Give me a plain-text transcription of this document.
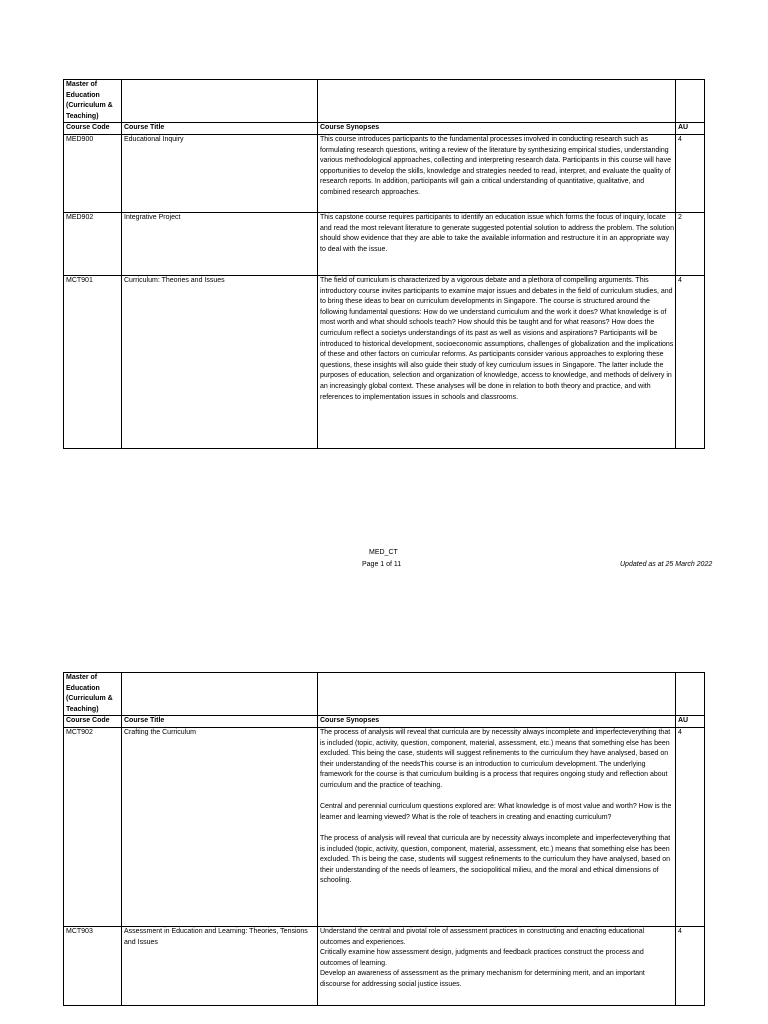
Master of Education (Curriculum & Teaching)			
Course Code	Course Title	Course Synopses	AU
MED900	Educational Inquiry	This course introduces participants to the fundamental processes involved in conducting research such as formulating research questions, writing a review of the literature by synthesizing empirical studies, understanding various methodological approaches, collecting and interpreting research data. Participants in this course will have opportunities to develop the skills, knowledge and strategies needed to read, interpret, and evaluate the quality of research reports. In addition, participants will gain a critical understanding of quantitative, qualitative, and combined research approaches.	4
MED902	Integrative Project	This capstone course requires participants to identify an education issue which forms the focus of inquiry, locate and read the most relevant literature to generate suggested potential solution to address the problem. The solution should show evidence that they are able to take the available information and restructure it in an appropriate way to deal with the issue.	2
MCT901	Curriculum: Theories and Issues	The field of curriculum is characterized by a vigorous debate and a plethora of compelling arguments. This introductory course invites participants to examine major issues and debates in the field of curriculum studies, and to bring these ideas to bear on curriculum developments in Singapore. The course is structured around the following fundamental questions: How do we understand curriculum and the work it does? What knowledge is of most worth and what should schools teach? How should this be taught and for what reasons? How does the curriculum reflect a societys understandings of its past as well as visions and aspirations? Participants will be introduced to historical development, socioeconomic assumptions, challenges of globalization and the implications of these and other factors on curricular reforms. As participants consider various approaches to exploring these questions, these insights will also guide their study of key curriculum issues in Singapore. The latter include the purposes of education, selection and organization of knowledge, access to knowledge, and methods of delivery in an increasingly global context. These analyses will be done in relation to both theory and practice, and with references to implementation issues in schools and classrooms.	4
MED_CT
Page 1 of 11	Updated as at 25 March 2022
Master of Education (Curriculum & Teaching)			
Course Code	Course Title	Course Synopses	AU
MCT902	Crafting the Curriculum	The process of analysis will reveal that curricula are by necessity always incomplete and imperfecteverything that is included (topic, activity, question, component, material, assessment, etc.) means that something else has been excluded. This being the case, students will suggest refinements to the curriculum they have analysed, based on their understanding of the needsThis course is an introduction to curriculum development. The underlying framework for the course is that curriculum building is a process that requires ongoing study and reflection about curriculum and the practice of teaching.

Central and perennial curriculum questions explored are: What knowledge is of most value and worth? How is the learner and learning viewed? What is the role of teachers in creating and enacting curriculum?

The process of analysis will reveal that curricula are by necessity always incomplete and imperfecteverything that is included (topic, activity, question, component, material, assessment, etc.) means that something else has been excluded. Th is being the case, students will suggest refinements to the curriculum they have analysed, based on their understanding of the needs of learners, the sociopolitical milieu, and the moral and ethical dimensions of schooling.	4
MCT903	Assessment in Education and Learning: Theories, Tensions and Issues	Understand the central and pivotal role of assessment practices in constructing and enacting educational outcomes and experiences.
Critically examine how assessment design, judgments and feedback practices construct the process and outcomes of learning.
Develop an awareness of assessment as the primary mechanism for determining merit, and an important discourse for addressing social justice issues.	4
